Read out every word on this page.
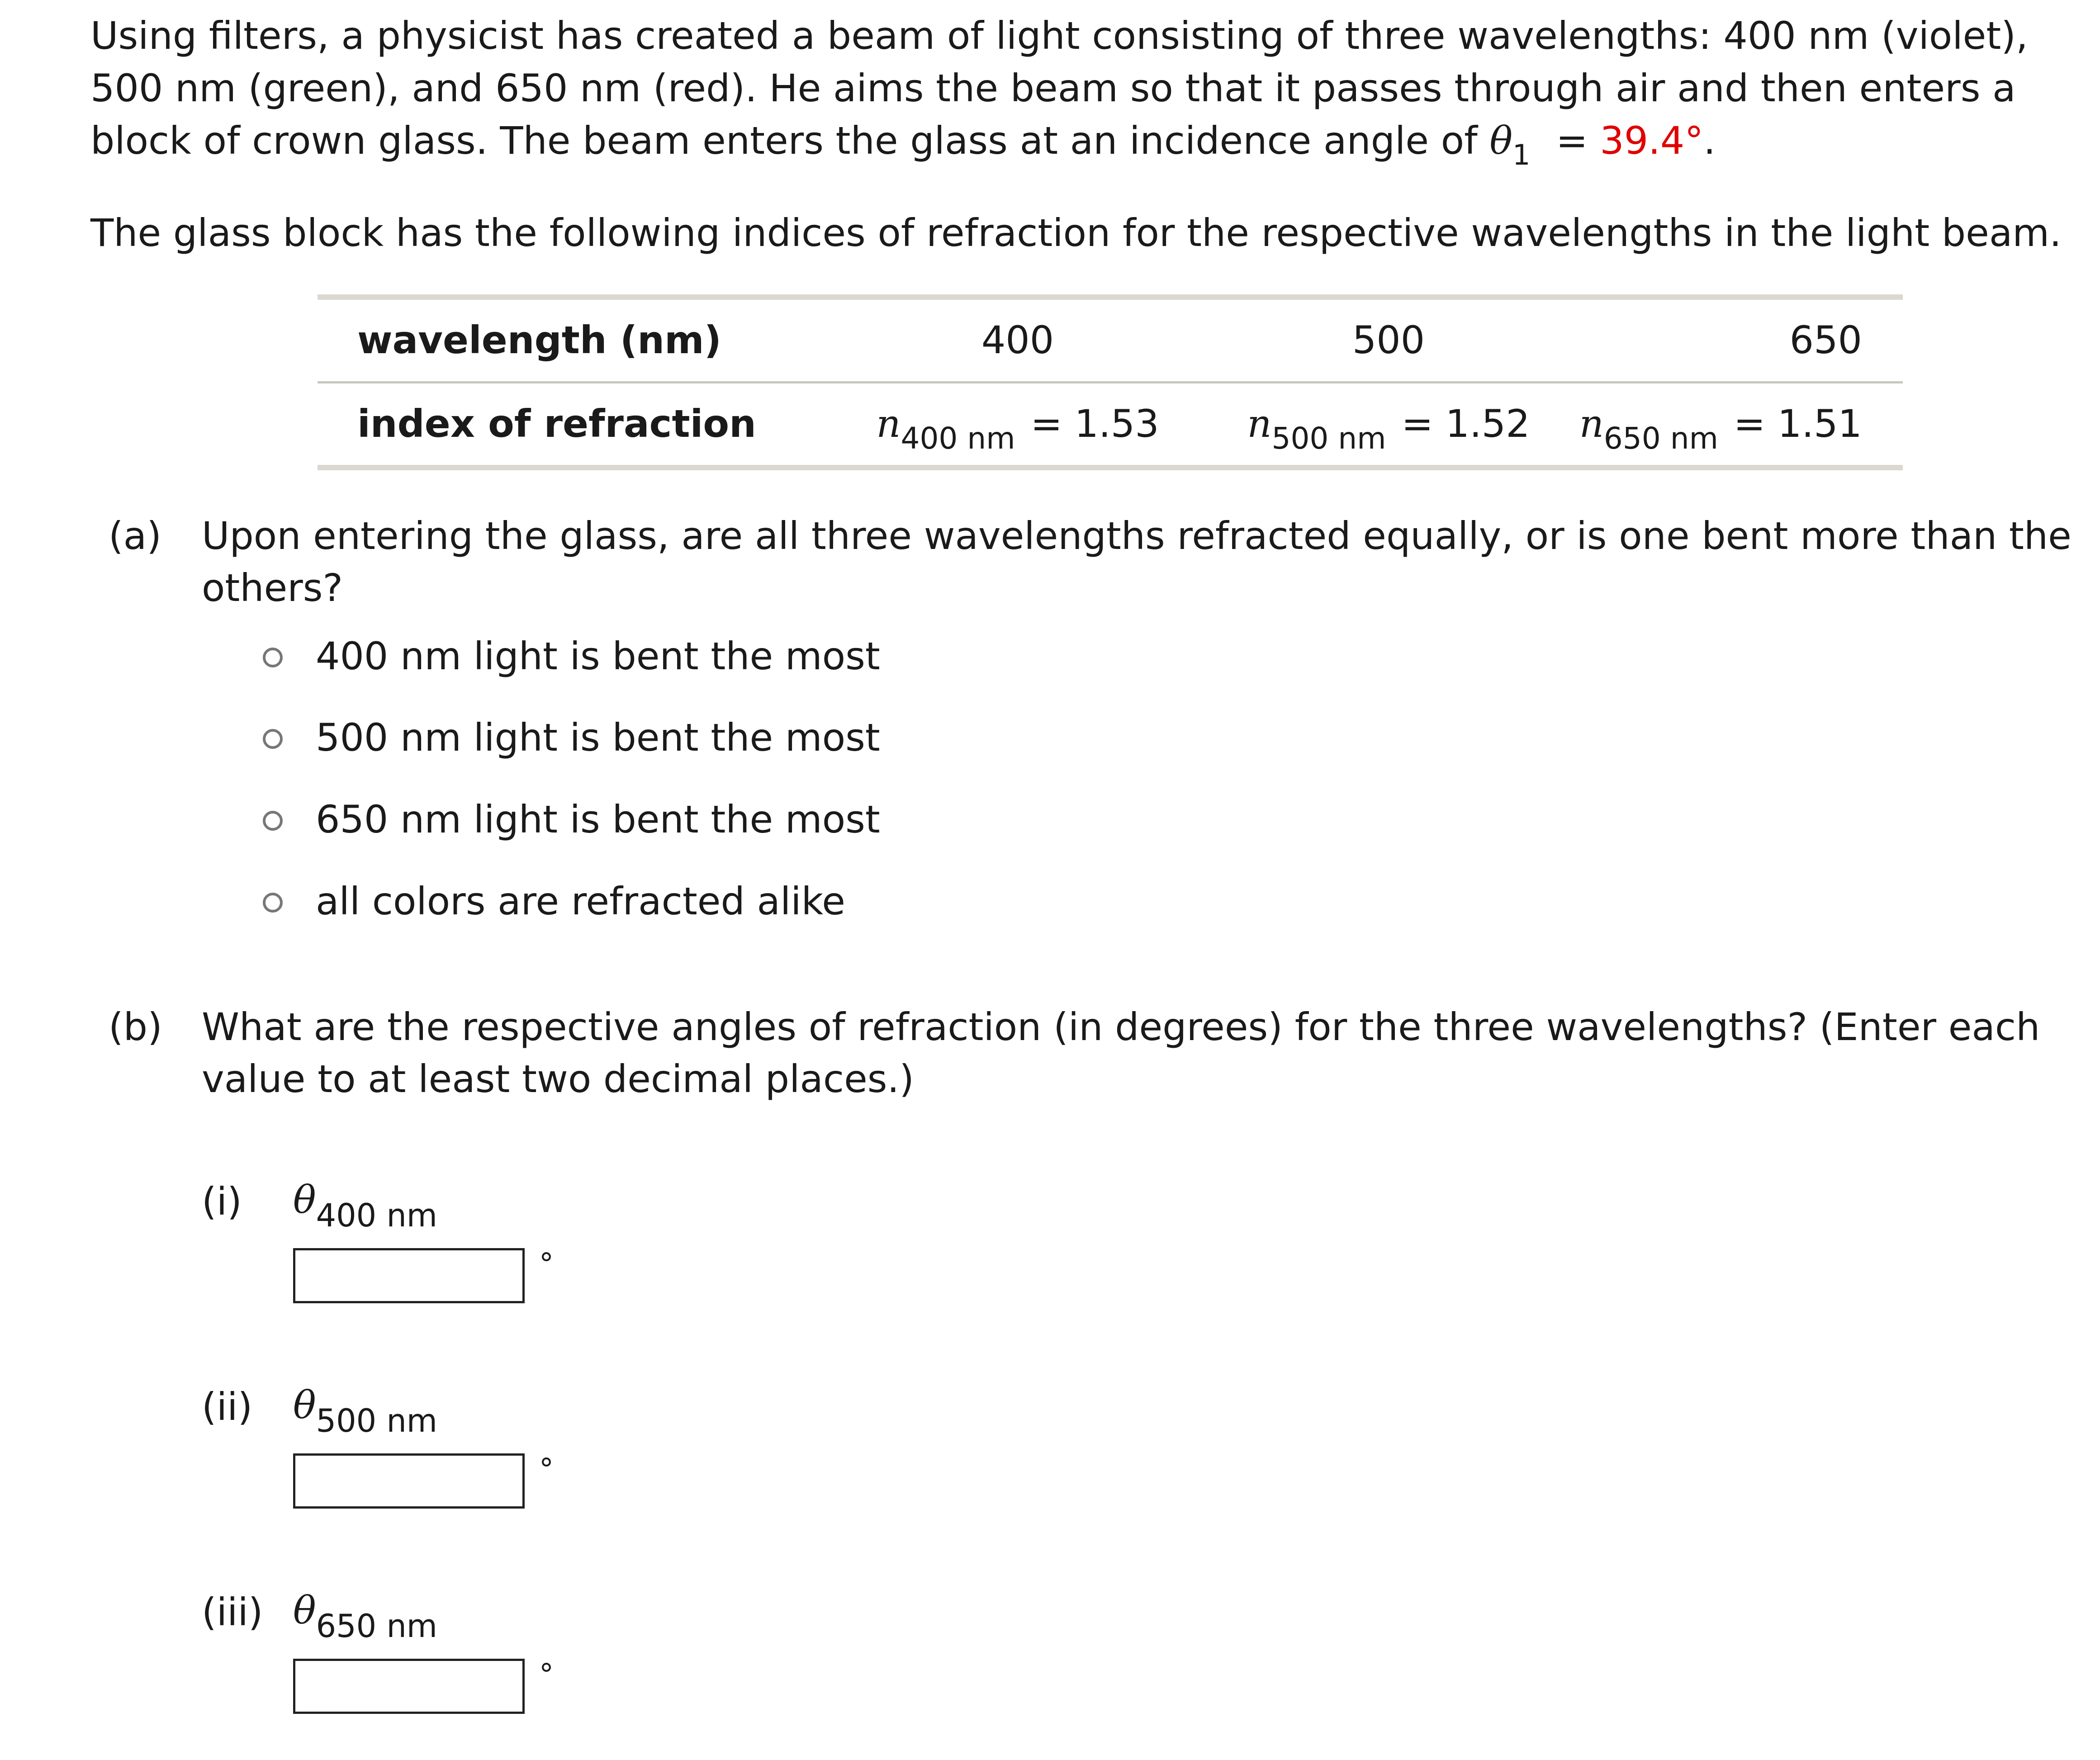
Using filters, a physicist has created a beam of light consisting of three wavelengths: 400 nm (violet),
500 nm (green), and 650 nm (red). He aims the beam so that it passes through air and then enters a
block of crown glass. The beam enters the glass at an incidence angle of $\theta_1 = 39.4^\circ$.
The glass block has the following indices of refraction for the respective wavelengths in the light beam.
wavelength (nm)	400	500	650
index of refraction	$n_{400 nm} = 1.53$	$n_{500 nm} = 1.52$	$n_{650 nm} = 1.51$
(a) Upon entering the glass, are all three wavelengths refracted equally, or is one bent more than the
others?
400 nm light is bent the most
500 nm light is bent the most
650 nm light is bent the most
all colors are refracted alike
(b) What are the respective angles of refraction (in degrees) for the three wavelengths? (Enter each
value to at least two decimal places.)
(i) $\theta_{400 nm}$
°
(ii) $\theta_{500 nm}$
°
(iii) $\theta_{650 nm}$
°
